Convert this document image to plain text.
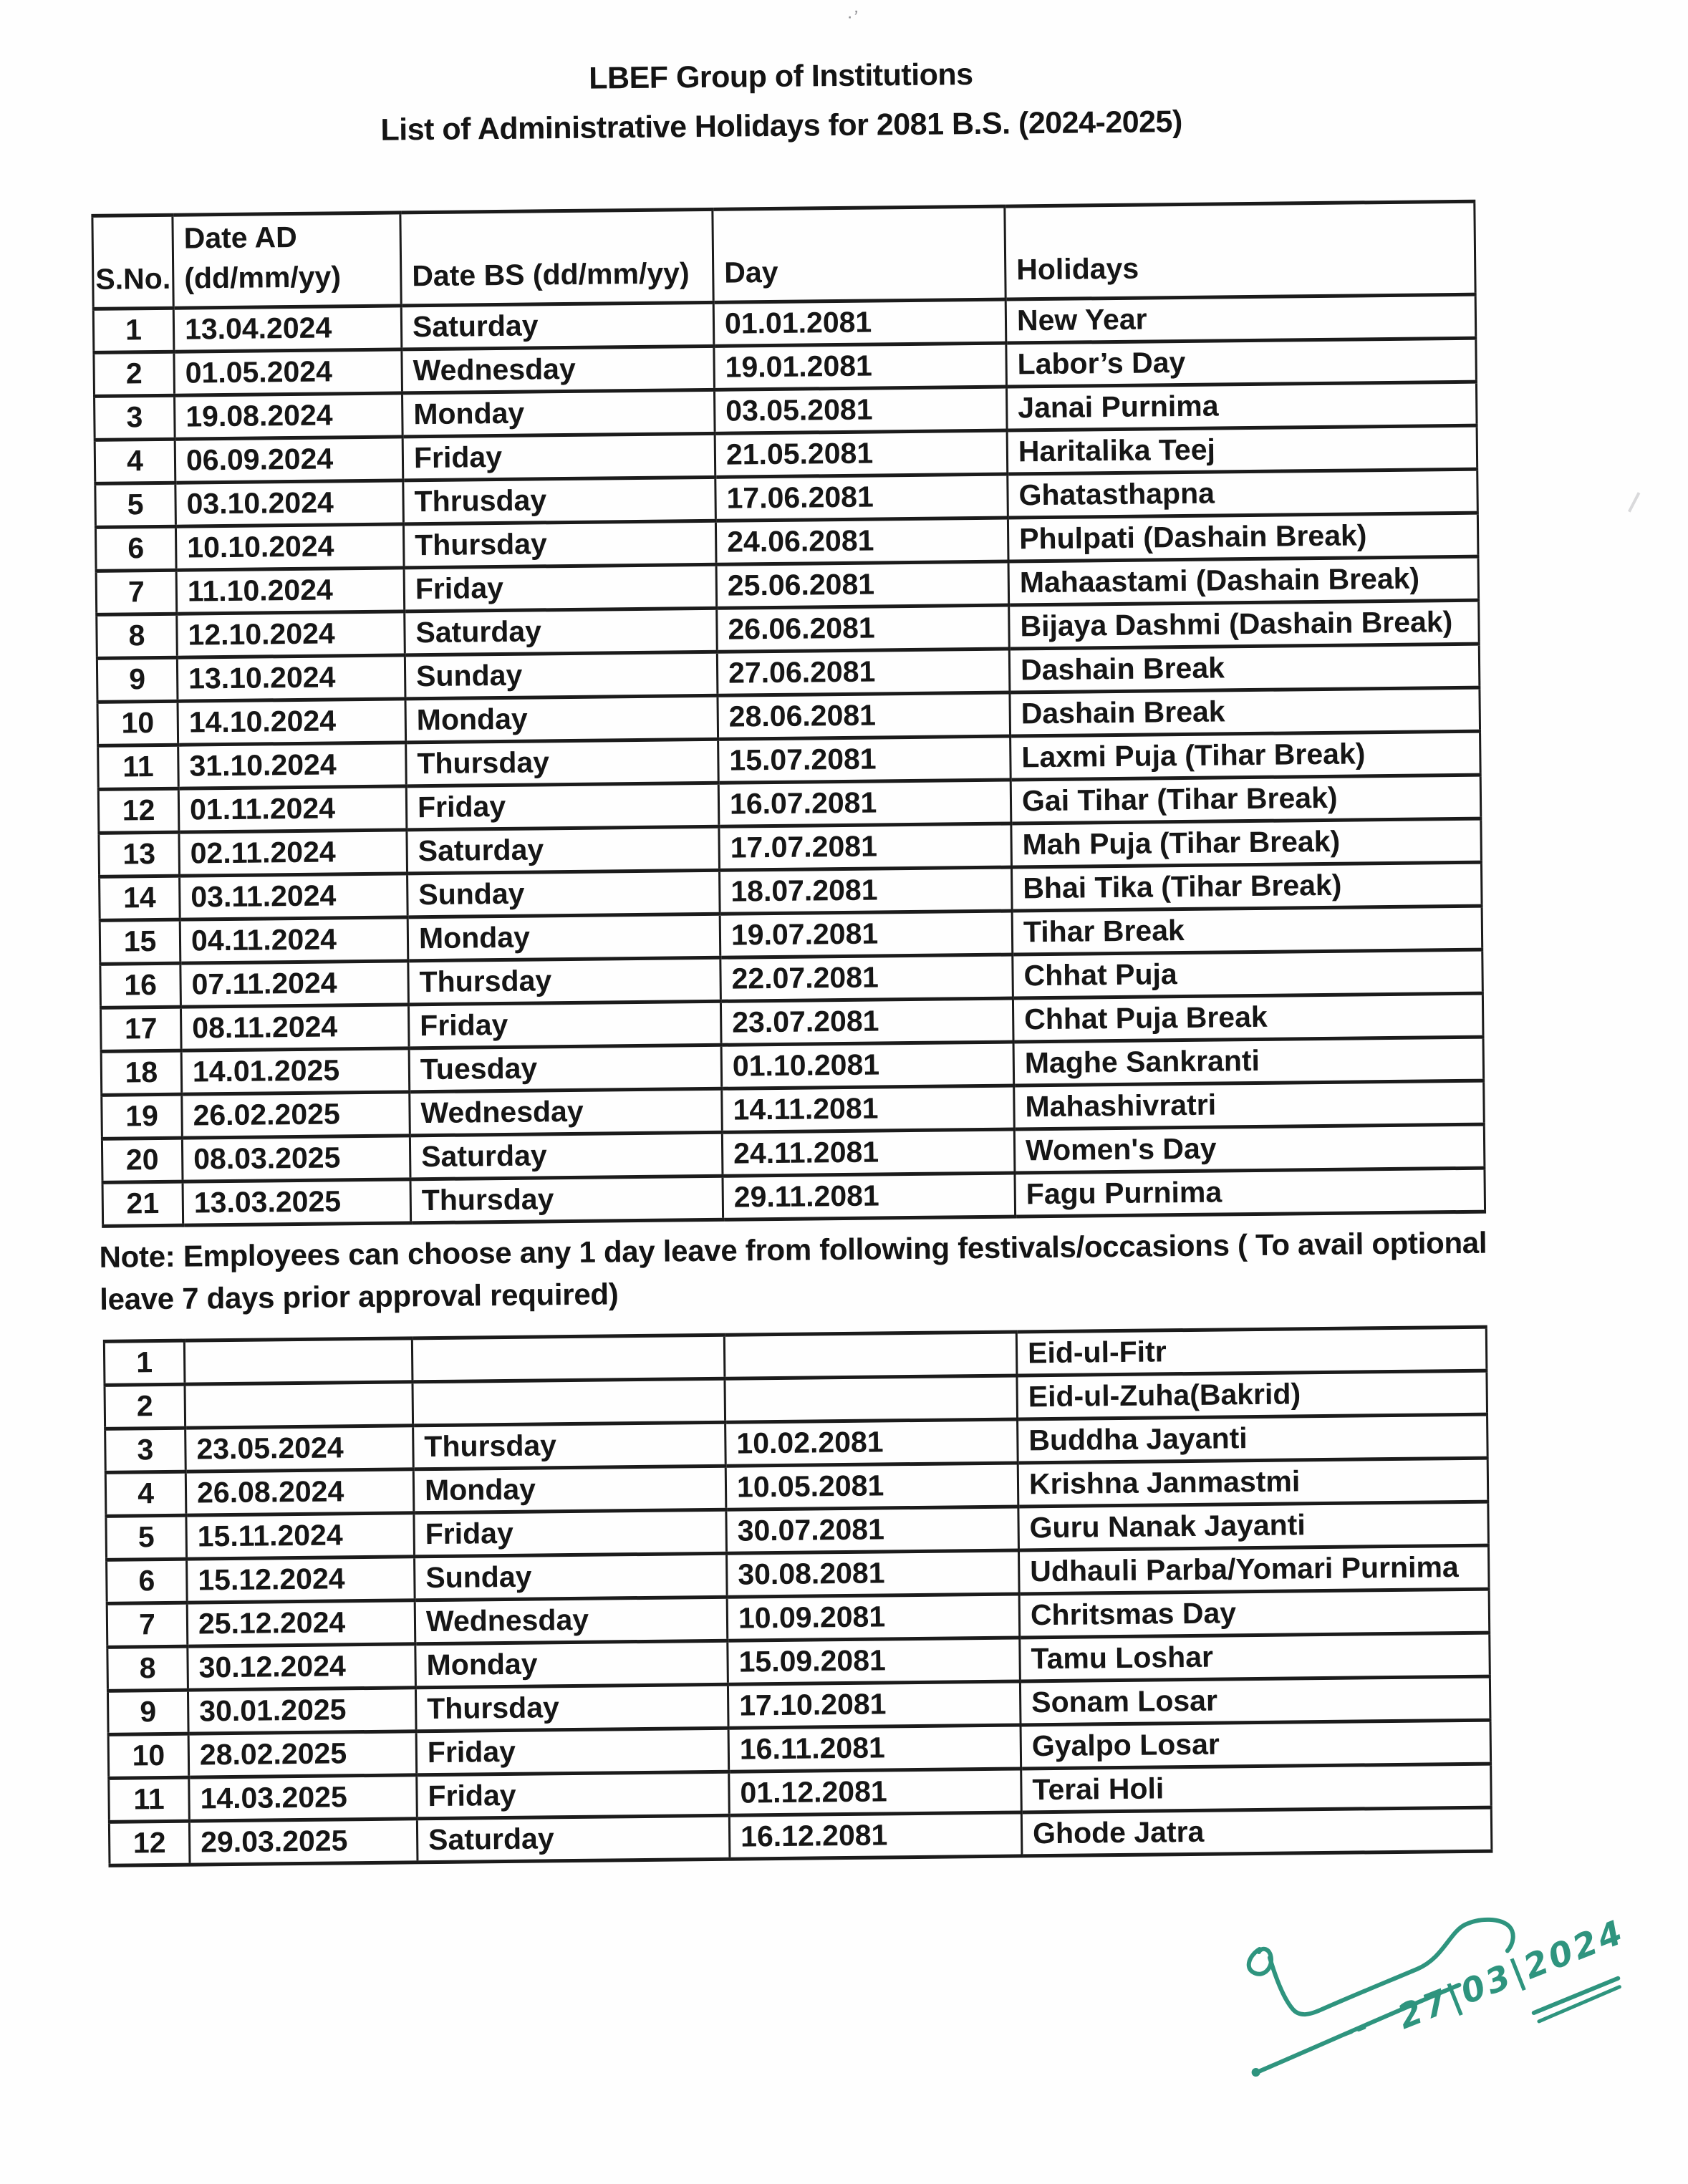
·’
LBEF Group of Institutions
List of Administrative Holidays for 2081 B.S. (2024-2025)
S.No.	Date AD (dd/mm/yy)	Date BS (dd/mm/yy)	Day	Holidays
1	13.04.2024	Saturday	01.01.2081	New Year
2	01.05.2024	Wednesday	19.01.2081	Labor’s Day
3	19.08.2024	Monday	03.05.2081	Janai Purnima
4	06.09.2024	Friday	21.05.2081	Haritalika Teej
5	03.10.2024	Thrusday	17.06.2081	Ghatasthapna
6	10.10.2024	Thursday	24.06.2081	Phulpati (Dashain Break)
7	11.10.2024	Friday	25.06.2081	Mahaastami (Dashain Break)
8	12.10.2024	Saturday	26.06.2081	Bijaya Dashmi (Dashain Break)
9	13.10.2024	Sunday	27.06.2081	Dashain Break
10	14.10.2024	Monday	28.06.2081	Dashain Break
11	31.10.2024	Thursday	15.07.2081	Laxmi Puja (Tihar Break)
12	01.11.2024	Friday	16.07.2081	Gai Tihar (Tihar Break)
13	02.11.2024	Saturday	17.07.2081	Mah Puja (Tihar Break)
14	03.11.2024	Sunday	18.07.2081	Bhai Tika (Tihar Break)
15	04.11.2024	Monday	19.07.2081	Tihar Break
16	07.11.2024	Thursday	22.07.2081	Chhat Puja
17	08.11.2024	Friday	23.07.2081	Chhat Puja Break
18	14.01.2025	Tuesday	01.10.2081	Maghe Sankranti
19	26.02.2025	Wednesday	14.11.2081	Mahashivratri
20	08.03.2025	Saturday	24.11.2081	Women's Day
21	13.03.2025	Thursday	29.11.2081	Fagu Purnima
Note: Employees can choose any 1 day leave from following festivals/occasions ( To avail optional
leave 7 days prior approval required)
1				Eid-ul-Fitr
2				Eid-ul-Zuha(Bakrid)
3	23.05.2024	Thursday	10.02.2081	Buddha Jayanti
4	26.08.2024	Monday	10.05.2081	Krishna Janmastmi
5	15.11.2024	Friday	30.07.2081	Guru Nanak Jayanti
6	15.12.2024	Sunday	30.08.2081	Udhauli Parba/Yomari Purnima
7	25.12.2024	Wednesday	10.09.2081	Chritsmas Day
8	30.12.2024	Monday	15.09.2081	Tamu Loshar
9	30.01.2025	Thursday	17.10.2081	Sonam Losar
10	28.02.2025	Friday	16.11.2081	Gyalpo Losar
11	14.03.2025	Friday	01.12.2081	Terai Holi
12	29.03.2025	Saturday	16.12.2081	Ghode Jatra
27|03|2024
